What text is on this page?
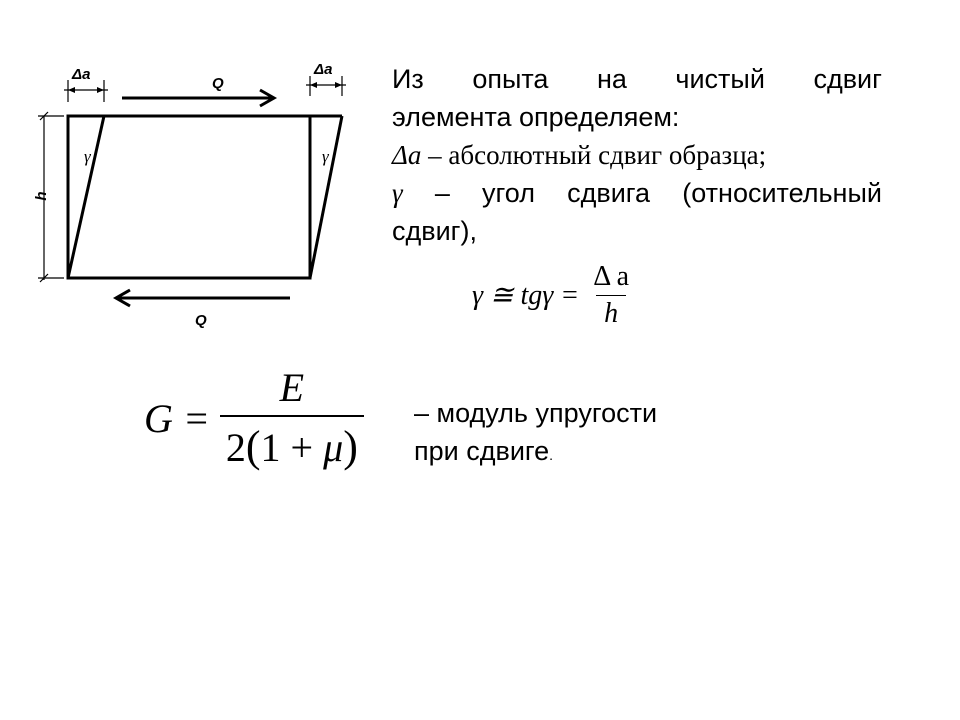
h
Δa	Δa
Q
Q
γ	γ
Из опыта на чистый сдвиг
элемента определяем:
Δа – абсолютный сдвиг образца;
γ – угол сдвига (относительный
сдвиг),
γ ≅ $tg\gamma = \frac{\text{Δ a}}{h}$
$G = \frac{E}{2(1 + \mu)}$ – модуль упругости
при сдвиге.
